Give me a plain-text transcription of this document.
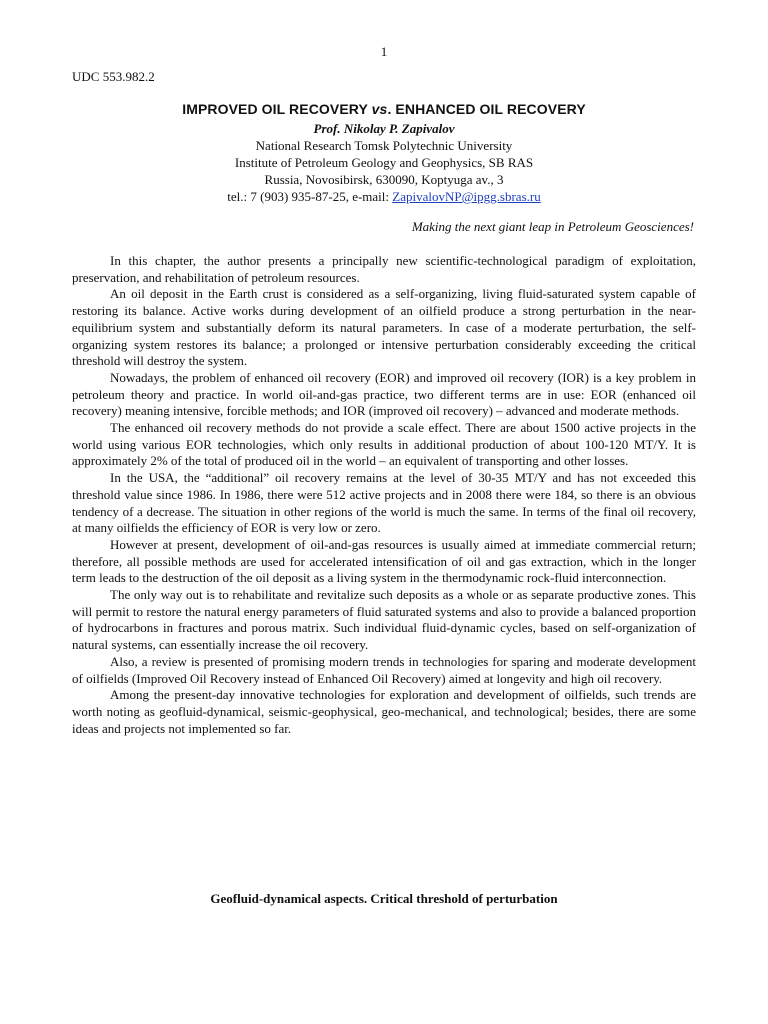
1
UDC 553.982.2
IMPROVED OIL RECOVERY vs. ENHANCED OIL RECOVERY
Prof. Nikolay P. Zapivalov
National Research Tomsk Polytechnic University
Institute of Petroleum Geology and Geophysics, SB RAS
Russia, Novosibirsk, 630090, Koptyuga av., 3
tel.: 7 (903) 935-87-25, e-mail: ZapivalovNP@ipgg.sbras.ru
Making the next giant leap in Petroleum Geosciences!

In this chapter, the author presents a principally new scientific-technological paradigm of exploitation, preservation, and rehabilitation of petroleum resources.

An oil deposit in the Earth crust is considered as a self-organizing, living fluid-saturated system capable of restoring its balance. Active works during development of an oilfield produce a strong perturbation in the near-equilibrium system and substantially deform its natural parameters. In case of a moderate perturbation, the self-organizing system restores its balance; a prolonged or intensive perturbation considerably exceeding the critical threshold will destroy the system.

Nowadays, the problem of enhanced oil recovery (EOR) and improved oil recovery (IOR) is a key problem in petroleum theory and practice. In world oil-and-gas practice, two different terms are in use: EOR (enhanced oil recovery) meaning intensive, forcible methods; and IOR (improved oil recovery) – advanced and moderate methods.

The enhanced oil recovery methods do not provide a scale effect. There are about 1500 active projects in the world using various EOR technologies, which only results in additional production of about 100-120 MT/Y. It is approximately 2% of the total of produced oil in the world – an equivalent of transporting and other losses.

In the USA, the “additional” oil recovery remains at the level of 30-35 MT/Y and has not exceeded this threshold value since 1986. In 1986, there were 512 active projects and in 2008 there were 184, so there is an obvious tendency of a decrease. The situation in other regions of the world is much the same. In terms of the final oil recovery, at many oilfields the efficiency of EOR is very low or zero.

However at present, development of oil-and-gas resources is usually aimed at immediate commercial return; therefore, all possible methods are used for accelerated intensification of oil and gas extraction, which in the longer term leads to the destruction of the oil deposit as a living system in the thermodynamic rock-fluid interconnection.

The only way out is to rehabilitate and revitalize such deposits as a whole or as separate productive zones. This will permit to restore the natural energy parameters of fluid saturated systems and also to provide a balanced proportion of hydrocarbons in fractures and porous matrix. Such individual fluid-dynamic cycles, based on self-organization of natural systems, can essentially increase the oil recovery.

Also, a review is presented of promising modern trends in technologies for sparing and moderate development of oilfields (Improved Oil Recovery instead of Enhanced Oil Recovery) aimed at longevity and high oil recovery.

Among the present-day innovative technologies for exploration and development of oilfields, such trends are worth noting as geofluid-dynamical, seismic-geophysical, geo-mechanical, and technological; besides, there are some ideas and projects not implemented so far.

Geofluid-dynamical aspects. Critical threshold of perturbation
